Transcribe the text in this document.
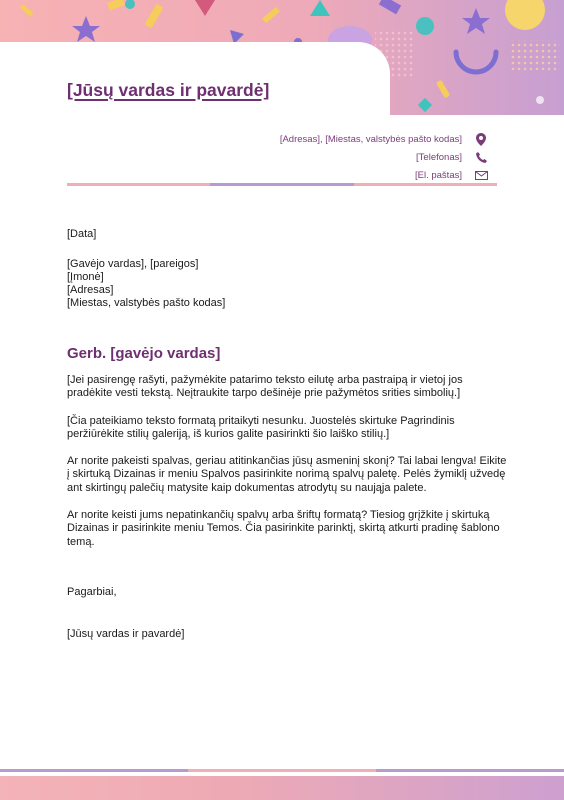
[Jūsų vardas ir pavardė]
[Adresas], [Miestas, valstybės pašto kodas]
[Telefonas]
[El. paštas]
[Data]
[Gavėjo vardas], [pareigos]
[Įmonė]
[Adresas]
[Miestas, valstybės pašto kodas]
Gerb. [gavėjo vardas]

[Jei pasirengę rašyti, pažymėkite patarimo teksto eilutę arba pastraipą ir vietoj jos pradėkite vesti tekstą. Neįtraukite tarpo dešinėje prie pažymėtos srities simbolių.]

[Čia pateikiamo teksto formatą pritaikyti nesunku. Juostelės skirtuke Pagrindinis peržiūrėkite stilių galeriją, iš kurios galite pasirinkti šio laiško stilių.]

Ar norite pakeisti spalvas, geriau atitinkančias jūsų asmeninį skonį? Tai labai lengva! Eikite į skirtuką Dizainas ir meniu Spalvos pasirinkite norimą spalvų paletę. Pelės žymiklį užvedę ant skirtingų palečių matysite kaip dokumentas atrodytų su naująja palete.

Ar norite keisti jums nepatinkančių spalvų arba šriftų formatą? Tiesiog grįžkite į skirtuką Dizainas ir pasirinkite meniu Temos. Čia pasirinkite parinktį, skirtą atkurti pradinę šablono temą.

Pagarbiai,
[Jūsų vardas ir pavardė]
